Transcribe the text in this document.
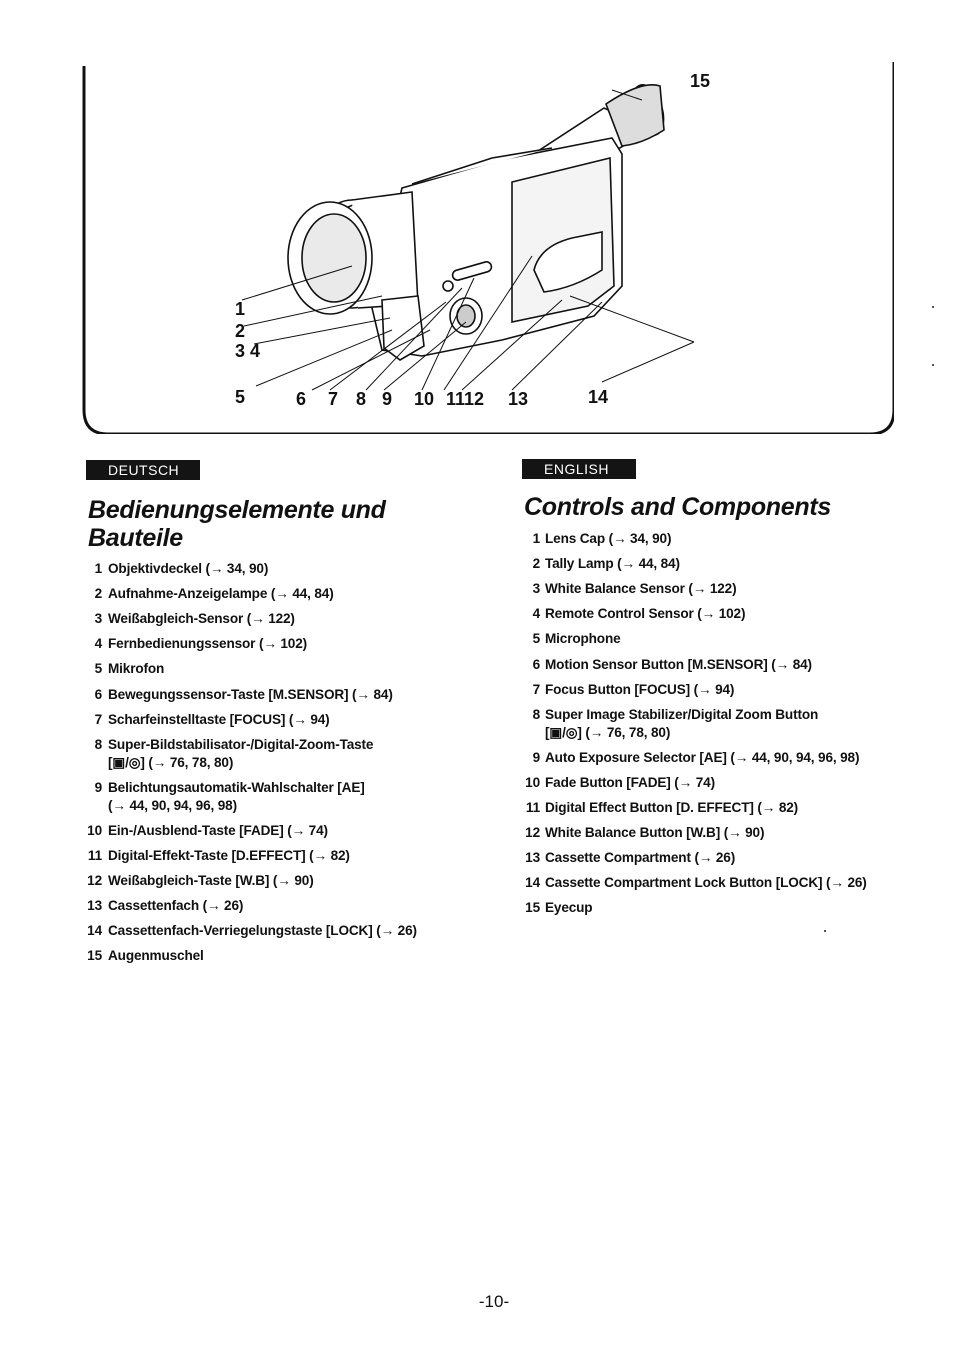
1
2
3 4
5	6 7 8 9 10 1112 13	14
15
DEUTSCH
Bedienungselemente und
Bauteile
1 Objektivdeckel (→ 34, 90)
2 Aufnahme-Anzeigelampe (→ 44, 84)
3 Weißabgleich-Sensor (→ 122)
4 Fernbedienungssensor (→ 102)
5 Mikrofon
6 Bewegungssensor-Taste [M.SENSOR] (→ 84)
7 Scharfeinstelltaste [FOCUS] (→ 94)
8 Super-Bildstabilisator-/Digital-Zoom-Taste
[▣/◎] (→ 76, 78, 80)
9 Belichtungsautomatik-Wahlschalter [AE]
(→ 44, 90, 94, 96, 98)
10 Ein-/Ausblend-Taste [FADE] (→ 74)
11 Digital-Effekt-Taste [D.EFFECT] (→ 82)
12 Weißabgleich-Taste [W.B] (→ 90)
13 Cassettenfach (→ 26)
14 Cassettenfach-Verriegelungstaste [LOCK] (→ 26)
15 Augenmuschel
ENGLISH
Controls and Components
1 Lens Cap (→ 34, 90)
2 Tally Lamp (→ 44, 84)
3 White Balance Sensor (→ 122)
4 Remote Control Sensor (→ 102)
5 Microphone
6 Motion Sensor Button [M.SENSOR] (→ 84)
7 Focus Button [FOCUS] (→ 94)
8 Super Image Stabilizer/Digital Zoom Button
[▣/◎] (→ 76, 78, 80)
9 Auto Exposure Selector [AE] (→ 44, 90, 94, 96, 98)
10 Fade Button [FADE] (→ 74)
11 Digital Effect Button [D. EFFECT] (→ 82)
12 White Balance Button [W.B] (→ 90)
13 Cassette Compartment (→ 26)
14 Cassette Compartment Lock Button [LOCK] (→ 26)
15 Eyecup
-10-
